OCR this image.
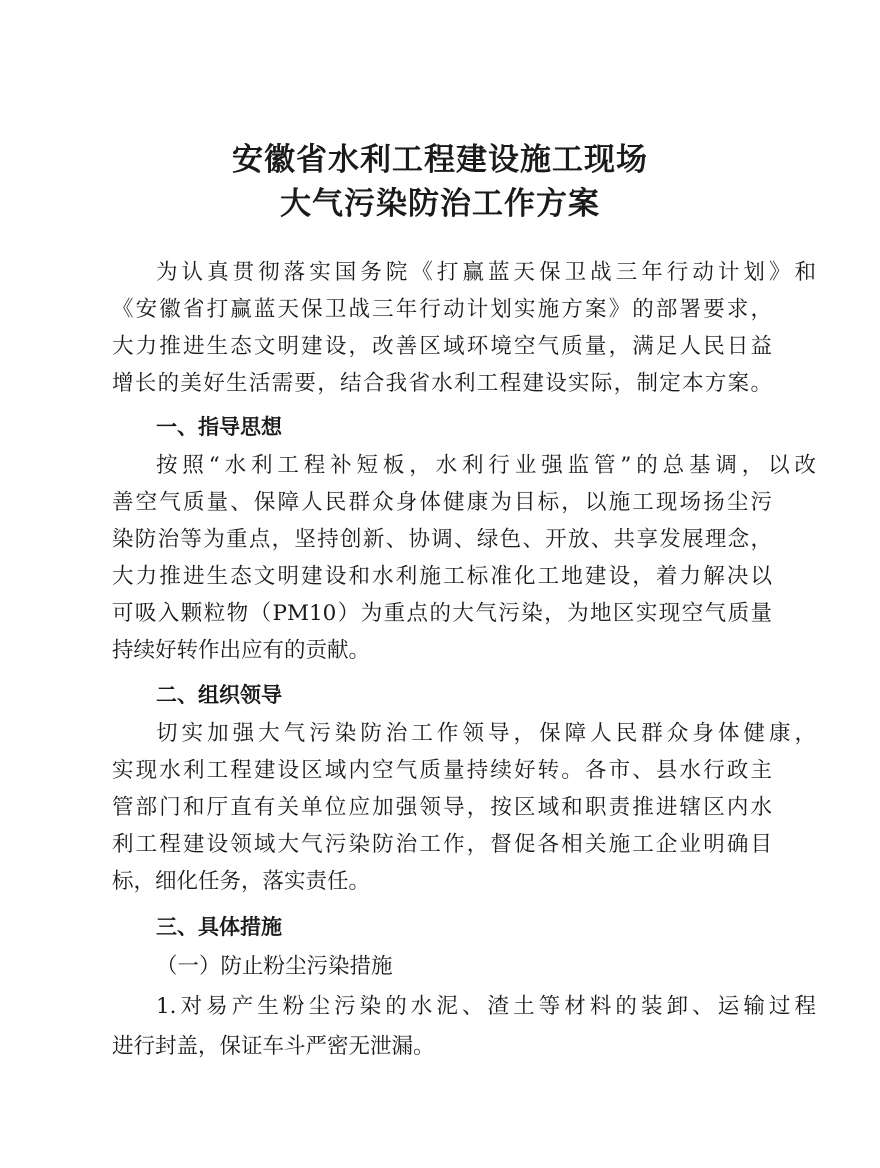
安徽省水利工程建设施工现场
大气污染防治工作方案
为认真贯彻落实国务院《打赢蓝天保卫战三年行动计划》和
《安徽省打赢蓝天保卫战三年行动计划实施方案》的部署要求，
大力推进生态文明建设，改善区域环境空气质量，满足人民日益
增长的美好生活需要，结合我省水利工程建设实际，制定本方案。
一、指导思想
按照“水利工程补短板，水利行业强监管”的总基调，以改
善空气质量、保障人民群众身体健康为目标，以施工现场扬尘污
染防治等为重点，坚持创新、协调、绿色、开放、共享发展理念，
大力推进生态文明建设和水利施工标准化工地建设，着力解决以
可吸入颗粒物（PM10）为重点的大气污染，为地区实现空气质量
持续好转作出应有的贡献。
二、组织领导
切实加强大气污染防治工作领导，保障人民群众身体健康，
实现水利工程建设区域内空气质量持续好转。各市、县水行政主
管部门和厅直有关单位应加强领导，按区域和职责推进辖区内水
利工程建设领域大气污染防治工作，督促各相关施工企业明确目
标，细化任务，落实责任。
三、具体措施
（一）防止粉尘污染措施
1.对易产生粉尘污染的水泥、渣土等材料的装卸、运输过程
进行封盖，保证车斗严密无泄漏。
